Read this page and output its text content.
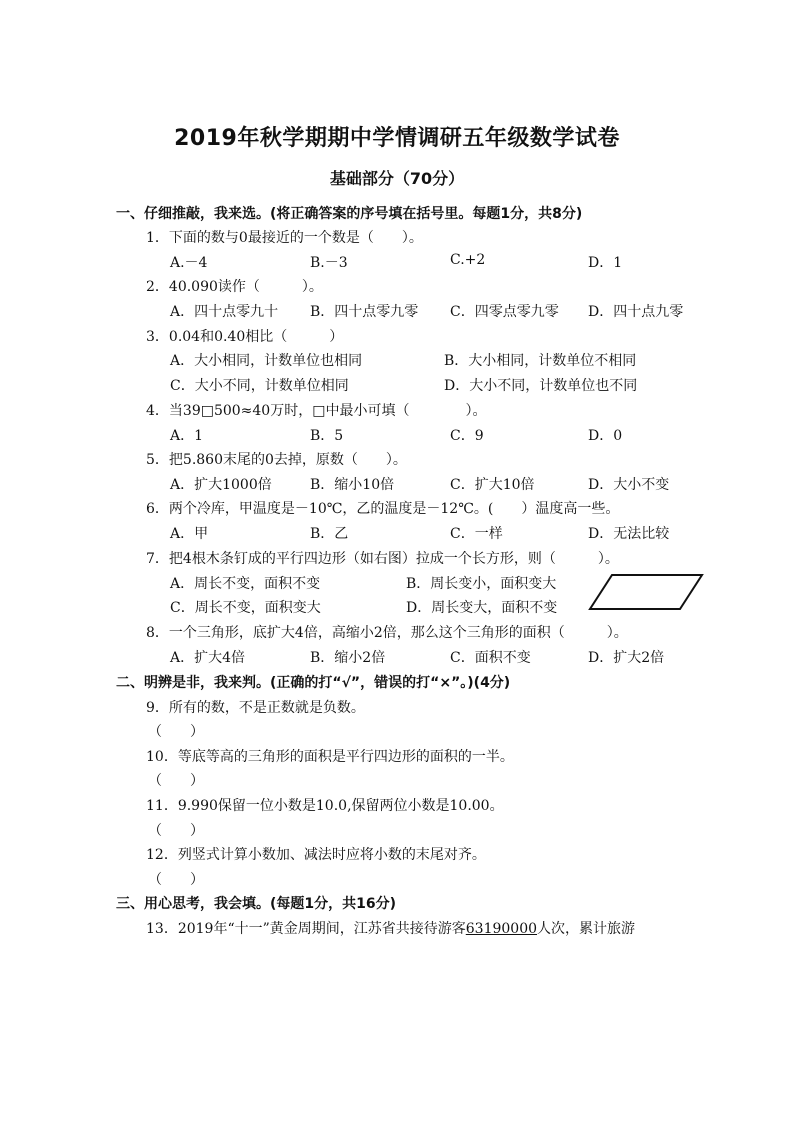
2019年秋学期期中学情调研五年级数学试卷
基础部分（70分）
一、仔细推敲，我来选。(将正确答案的序号填在括号里。每题1分，共8分)
1．下面的数与0最接近的一个数是（　　）。
A.－4	B.－3	C.+2	D．1
2．40.090读作（　　　）。
A．四十点零九十 B．四十点零九零 C．四零点零九零 D．四十点九零
3．0.04和0.40相比（　　　）
A．大小相同，计数单位也相同	B．大小相同，计数单位不相同
C．大小不同，计数单位相同	D．大小不同，计数单位也不同
4．当39□500≈40万时，□中最小可填（　　　　）。
A．1	B．5	C．9	D．0
5．把5.860末尾的0去掉，原数（　　）。
A．扩大1000倍	B．缩小10倍	C．扩大10倍	D．大小不变
6．两个冷库，甲温度是－10℃，乙的温度是－12℃。(　　）温度高一些。
A．甲	B．乙	C．一样	D．无法比较
7．把4根木条钉成的平行四边形（如右图）拉成一个长方形，则（　　　）。
A．周长不变，面积不变	B．周长变小，面积变大
C．周长不变，面积变大	D．周长变大，面积不变
8．一个三角形，底扩大4倍，高缩小2倍，那么这个三角形的面积（　　　）。
A．扩大4倍	B．缩小2倍	C．面积不变	D．扩大2倍
二、明辨是非，我来判。(正确的打“√”，错误的打“×”。)(4分)
9．所有的数，不是正数就是负数。
（　　）
10．等底等高的三角形的面积是平行四边形的面积的一半。
（　　）
11．9.990保留一位小数是10.0,保留两位小数是10.00。
（　　）
12．列竖式计算小数加、减法时应将小数的末尾对齐。
（　　）
三、用心思考，我会填。(每题1分，共16分)
13．2019年“十一”黄金周期间，江苏省共接待游客63190000人次，累计旅游
